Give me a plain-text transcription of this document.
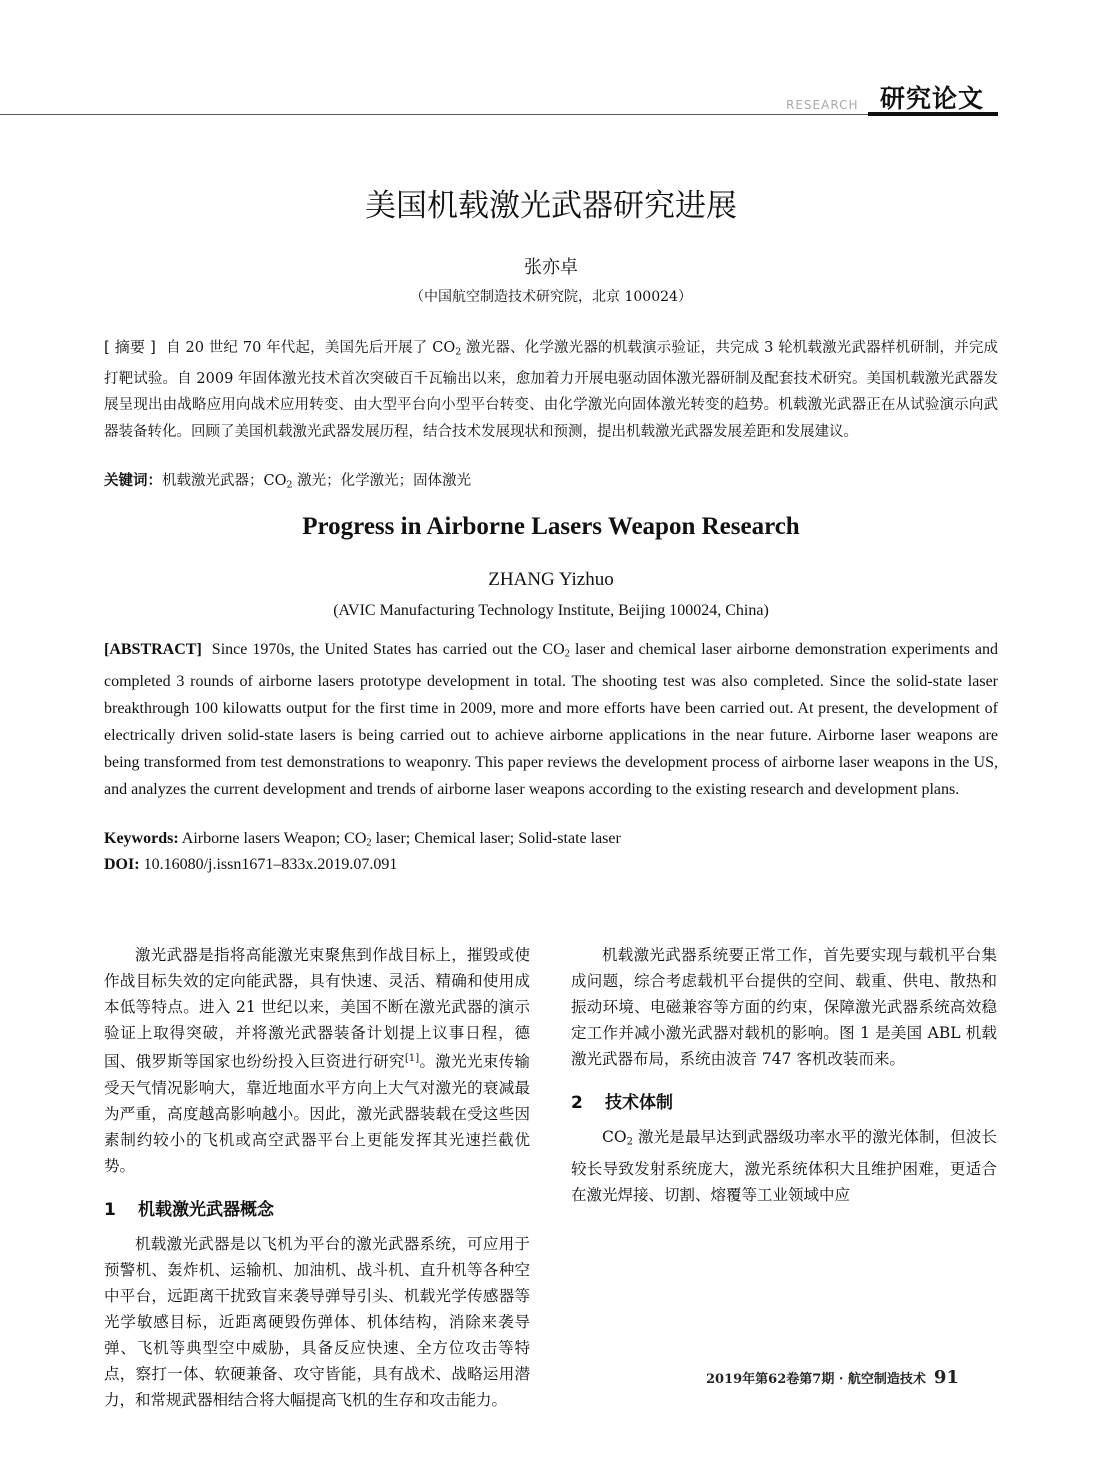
RESEARCH 研究论文
美国机载激光武器研究进展
张亦卓
（中国航空制造技术研究院，北京 100024）
[ 摘要 ] 自 20 世纪 70 年代起，美国先后开展了 $CO_2$ 激光器、化学激光器的机载演示验证，共完成 3 轮机载激光武器样机研制，并完成打靶试验。自 2009 年固体激光技术首次突破百千瓦输出以来，愈加着力开展电驱动固体激光器研制及配套技术研究。美国机载激光武器发展呈现出由战略应用向战术应用转变、由大型平台向小型平台转变、由化学激光向固体激光转变的趋势。机载激光武器正在从试验演示向武器装备转化。回顾了美国机载激光武器发展历程，结合技术发展现状和预测，提出机载激光武器发展差距和发展建议。
关键词：机载激光武器；$CO_2$ 激光；化学激光；固体激光
Progress in Airborne Lasers Weapon Research
ZHANG Yizhuo
(AVIC Manufacturing Technology Institute, Beijing 100024, China)
[ABSTRACT] Since 1970s, the United States has carried out the $CO_2$ laser and chemical laser airborne demonstration experiments and completed 3 rounds of airborne lasers prototype development in total. The shooting test was also completed. Since the solid-state laser breakthrough 100 kilowatts output for the first time in 2009, more and more efforts have been carried out. At present, the development of electrically driven solid-state lasers is being carried out to achieve airborne applications in the near future. Airborne laser weapons are being transformed from test demonstrations to weaponry. This paper reviews the development process of airborne laser weapons in the US, and analyzes the current development and trends of airborne laser weapons according to the existing research and development plans.
Keywords: Airborne lasers Weapon; $CO_2$ laser; Chemical laser; Solid-state laser
DOI: 10.16080/j.issn1671–833x.2019.07.091

激光武器是指将高能激光束聚焦到作战目标上，摧毁或使作战目标失效的定向能武器，具有快速、灵活、精确和使用成本低等特点。进入 21 世纪以来，美国不断在激光武器的演示验证上取得突破，并将激光武器装备计划提上议事日程，德国、俄罗斯等国家也纷纷投入巨资进行研究[1]。激光光束传输受天气情况影响大，靠近地面水平方向上大气对激光的衰减最为严重，高度越高影响越小。因此，激光武器装载在受这些因素制约较小的飞机或高空武器平台上更能发挥其光速拦截优势。

1 机载激光武器概念

机载激光武器是以飞机为平台的激光武器系统，可应用于预警机、轰炸机、运输机、加油机、战斗机、直升机等各种空中平台，远距离干扰致盲来袭导弹导引头、机载光学传感器等光学敏感目标，近距离硬毁伤弹体、机体结构，消除来袭导弹、飞机等典型空中威胁，具备反应快速、全方位攻击等特点，察打一体、软硬兼备、攻守皆能，具有战术、战略运用潜力，和常规武器相结合将大幅提高飞机的生存和攻击能力。

机载激光武器系统要正常工作，首先要实现与载机平台集成问题，综合考虑载机平台提供的空间、载重、供电、散热和振动环境、电磁兼容等方面的约束，保障激光武器系统高效稳定工作并减小激光武器对载机的影响。图 1 是美国 ABL 机载激光武器布局，系统由波音 747 客机改装而来。

2 技术体制

$CO_2$ 激光是最早达到武器级功率水平的激光体制，但波长较长导致发射系统庞大，激光系统体积大且维护困难，更适合在激光焊接、切割、熔覆等工业领域中应

2019年第62卷第7期 · 航空制造技术 91
